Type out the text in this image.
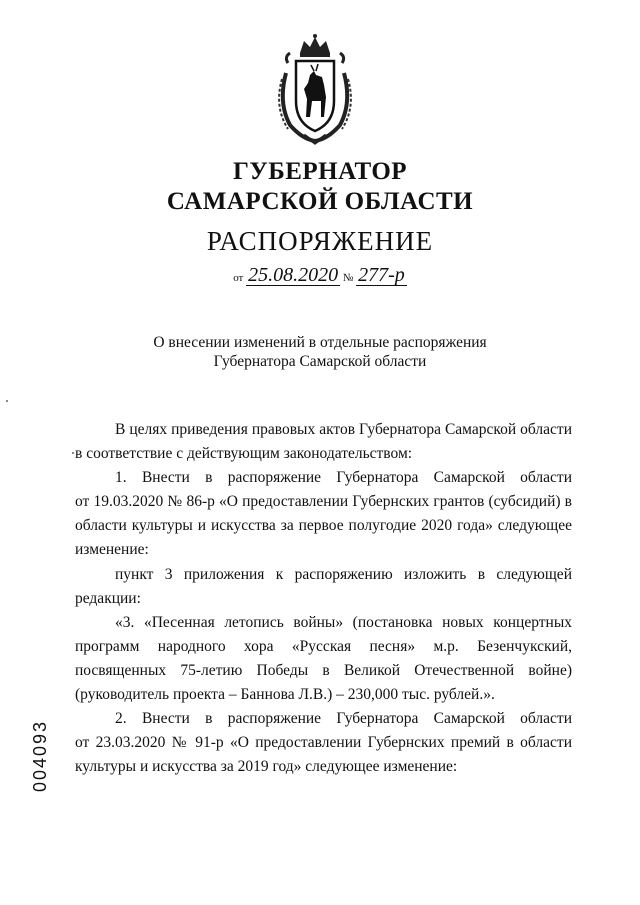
ГУБЕРНАТОР
САМАРСКОЙ ОБЛАСТИ
РАСПОРЯЖЕНИЕ
от 25.08.2020 № 277-р
О внесении изменений в отдельные распоряжения
Губернатора Самарской области
В целях приведения правовых актов Губернатора Самарской области
в соответствие с действующим законодательством:
1. Внести в распоряжение Губернатора Самарской области
от 19.03.2020 № 86-р «О предоставлении Губернских грантов (субсидий) в
области культуры и искусства за первое полугодие 2020 года» следующее
изменение:
пункт 3 приложения к распоряжению изложить в следующей
редакции:
«3. «Песенная летопись войны» (постановка новых концертных
программ народного хора «Русская песня» м.р. Безенчукский,
посвященных 75-летию Победы в Великой Отечественной войне)
(руководитель проекта – Баннова Л.В.) – 230,000 тыс. рублей.».
2. Внести в распоряжение Губернатора Самарской области
от 23.03.2020 № 91-р «О предоставлении Губернских премий в области
культуры и искусства за 2019 год» следующее изменение:
004093
